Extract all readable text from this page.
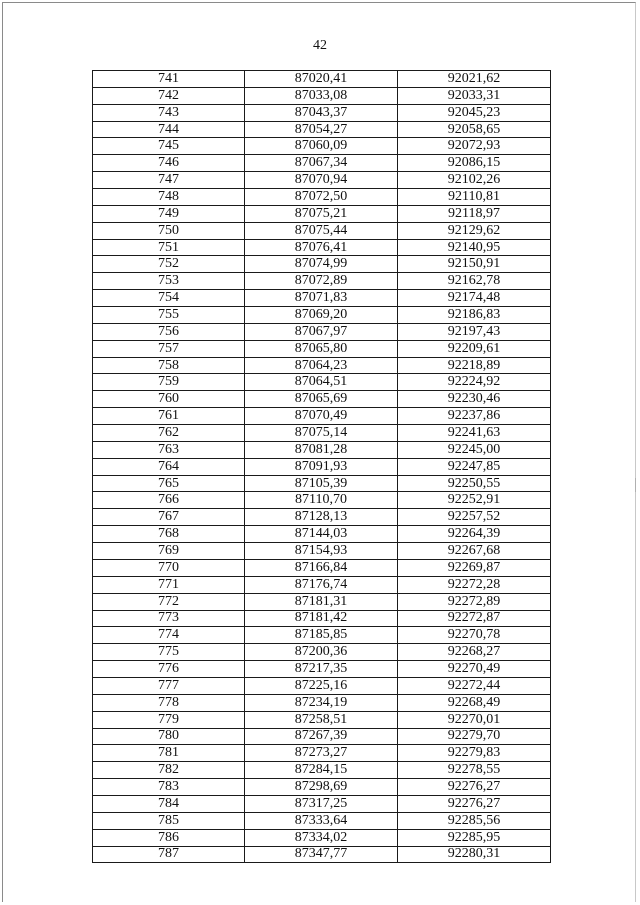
42
741	87020,41	92021,62
742	87033,08	92033,31
743	87043,37	92045,23
744	87054,27	92058,65
745	87060,09	92072,93
746	87067,34	92086,15
747	87070,94	92102,26
748	87072,50	92110,81
749	87075,21	92118,97
750	87075,44	92129,62
751	87076,41	92140,95
752	87074,99	92150,91
753	87072,89	92162,78
754	87071,83	92174,48
755	87069,20	92186,83
756	87067,97	92197,43
757	87065,80	92209,61
758	87064,23	92218,89
759	87064,51	92224,92
760	87065,69	92230,46
761	87070,49	92237,86
762	87075,14	92241,63
763	87081,28	92245,00
764	87091,93	92247,85
765	87105,39	92250,55
766	87110,70	92252,91
767	87128,13	92257,52
768	87144,03	92264,39
769	87154,93	92267,68
770	87166,84	92269,87
771	87176,74	92272,28
772	87181,31	92272,89
773	87181,42	92272,87
774	87185,85	92270,78
775	87200,36	92268,27
776	87217,35	92270,49
777	87225,16	92272,44
778	87234,19	92268,49
779	87258,51	92270,01
780	87267,39	92279,70
781	87273,27	92279,83
782	87284,15	92278,55
783	87298,69	92276,27
784	87317,25	92276,27
785	87333,64	92285,56
786	87334,02	92285,95
787	87347,77	92280,31
